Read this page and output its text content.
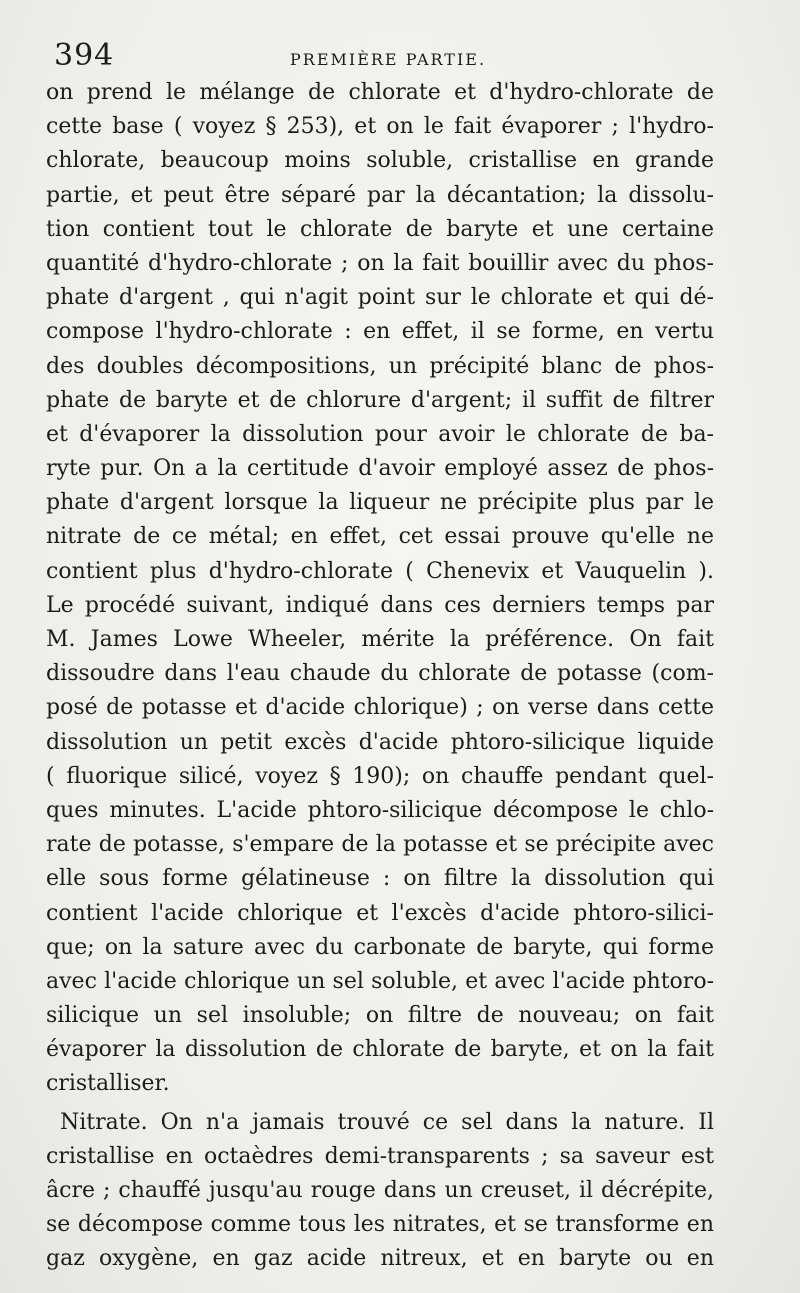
394	PREMIÈRE PARTIE.
on prend le mélange de chlorate et d'hydro-chlorate de
cette base ( voyez § 253), et on le fait évaporer ; l'hydro-
chlorate, beaucoup moins soluble, cristallise en grande
partie, et peut être séparé par la décantation; la dissolu-
tion contient tout le chlorate de baryte et une certaine
quantité d'hydro-chlorate ; on la fait bouillir avec du phos-
phate d'argent , qui n'agit point sur le chlorate et qui dé-
compose l'hydro-chlorate : en effet, il se forme, en vertu
des doubles décompositions, un précipité blanc de phos-
phate de baryte et de chlorure d'argent; il suffit de filtrer
et d'évaporer la dissolution pour avoir le chlorate de ba-
ryte pur. On a la certitude d'avoir employé assez de phos-
phate d'argent lorsque la liqueur ne précipite plus par le
nitrate de ce métal; en effet, cet essai prouve qu'elle ne
contient plus d'hydro-chlorate ( Chenevix et Vauquelin ).
Le procédé suivant, indiqué dans ces derniers temps par
M. James Lowe Wheeler, mérite la préférence. On fait
dissoudre dans l'eau chaude du chlorate de potasse (com-
posé de potasse et d'acide chlorique) ; on verse dans cette
dissolution un petit excès d'acide phtoro-silicique liquide
( fluorique silicé, voyez § 190); on chauffe pendant quel-
ques minutes. L'acide phtoro-silicique décompose le chlo-
rate de potasse, s'empare de la potasse et se précipite avec
elle sous forme gélatineuse : on filtre la dissolution qui
contient l'acide chlorique et l'excès d'acide phtoro-silici-
que; on la sature avec du carbonate de baryte, qui forme
avec l'acide chlorique un sel soluble, et avec l'acide phtoro-
silicique un sel insoluble; on filtre de nouveau; on fait
évaporer la dissolution de chlorate de baryte, et on la fait
cristalliser.
Nitrate. On n'a jamais trouvé ce sel dans la nature. Il
cristallise en octaèdres demi-transparents ; sa saveur est
âcre ; chauffé jusqu'au rouge dans un creuset, il décrépite,
se décompose comme tous les nitrates, et se transforme en
gaz oxygène, en gaz acide nitreux, et en baryte ou en
